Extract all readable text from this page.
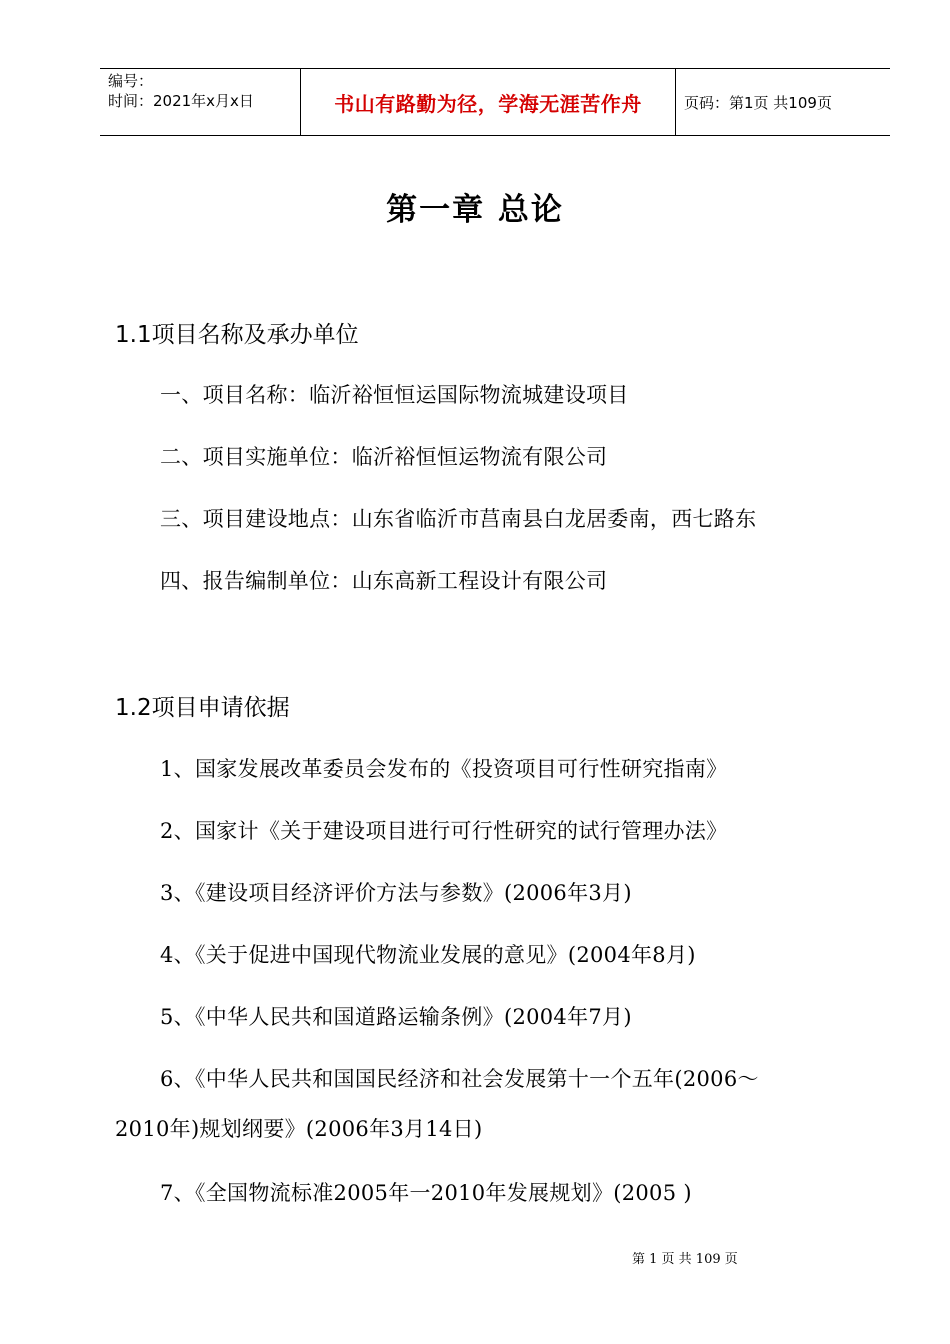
编号：
时间：2021年x月x日	书山有路勤为径，学海无涯苦作舟	页码：第1页 共109页
第一章 总论
1.1项目名称及承办单位
一、项目名称：临沂裕恒恒运国际物流城建设项目
二、项目实施单位：临沂裕恒恒运物流有限公司
三、项目建设地点：山东省临沂市莒南县白龙居委南，西七路东
四、报告编制单位：山东高新工程设计有限公司
1.2项目申请依据
1、国家发展改革委员会发布的《投资项目可行性研究指南》
2、国家计《关于建设项目进行可行性研究的试行管理办法》
3、《建设项目经济评价方法与参数》(2006年3月)
4、《关于促进中国现代物流业发展的意见》(2004年8月)
5、《中华人民共和国道路运输条例》(2004年7月)
6、《中华人民共和国国民经济和社会发展第十一个五年(2006～
2010年)规划纲要》(2006年3月14日)
7、《全国物流标准2005年一2010年发展规划》(2005 )
第 1 页 共 109 页
